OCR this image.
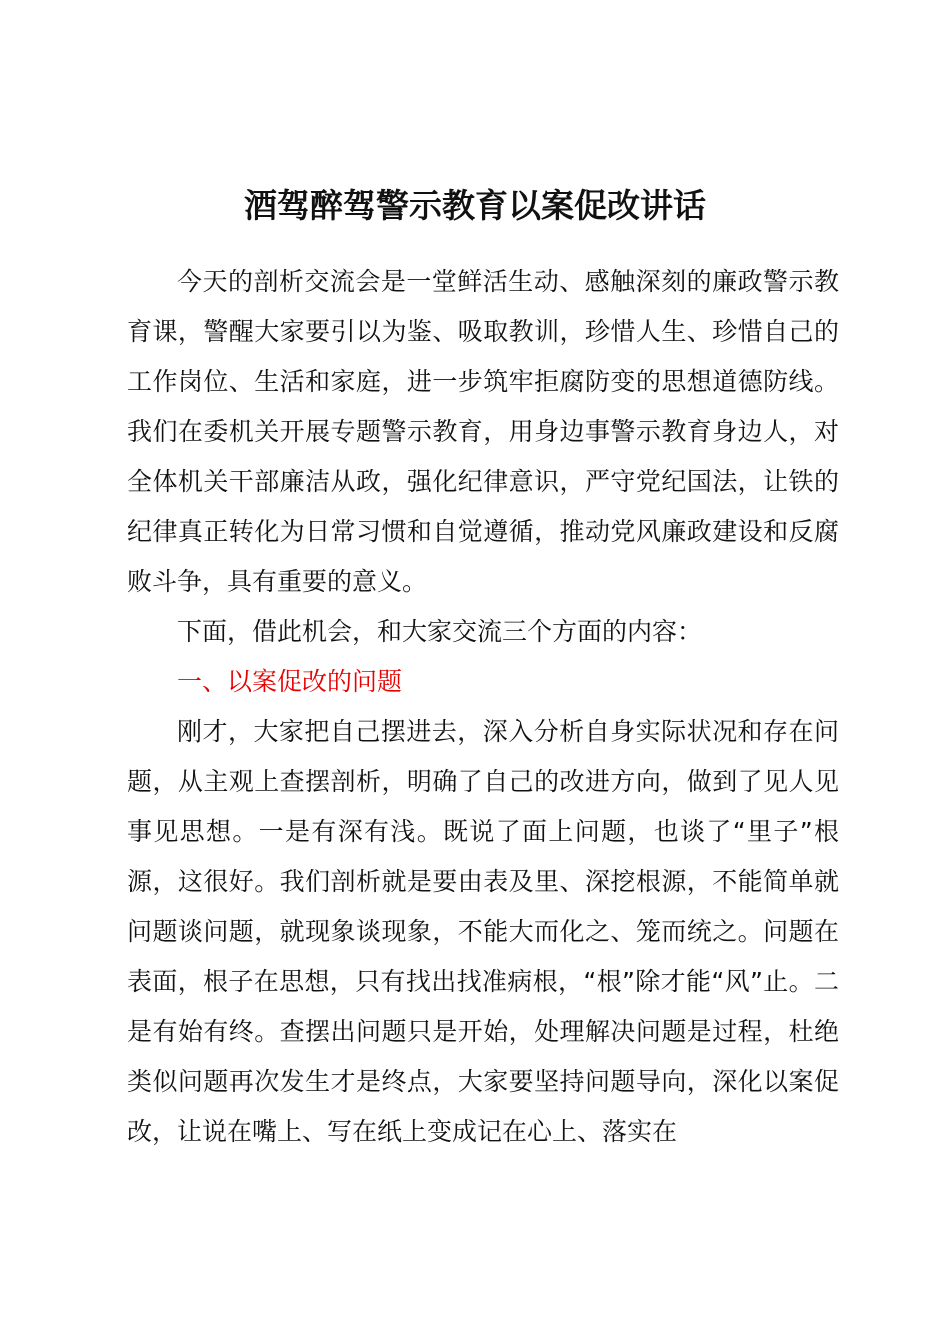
酒驾醉驾警示教育以案促改讲话

今天的剖析交流会是一堂鲜活生动、感触深刻的廉政警示教育课，警醒大家要引以为鉴、吸取教训，珍惜人生、珍惜自己的工作岗位、生活和家庭，进一步筑牢拒腐防变的思想道德防线。我们在委机关开展专题警示教育，用身边事警示教育身边人，对全体机关干部廉洁从政，强化纪律意识，严守党纪国法，让铁的纪律真正转化为日常习惯和自觉遵循，推动党风廉政建设和反腐败斗争，具有重要的意义。

下面，借此机会，和大家交流三个方面的内容：

一、以案促改的问题

刚才，大家把自己摆进去，深入分析自身实际状况和存在问题，从主观上查摆剖析，明确了自己的改进方向，做到了见人见事见思想。一是有深有浅。既说了面上问题，也谈了“里子”根源，这很好。我们剖析就是要由表及里、深挖根源，不能简单就问题谈问题，就现象谈现象，不能大而化之、笼而统之。问题在表面，根子在思想，只有找出找准病根，“根”除才能“风”止。二是有始有终。查摆出问题只是开始，处理解决问题是过程，杜绝类似问题再次发生才是终点，大家要坚持问题导向，深化以案促改，让说在嘴上、写在纸上变成记在心上、落实在
